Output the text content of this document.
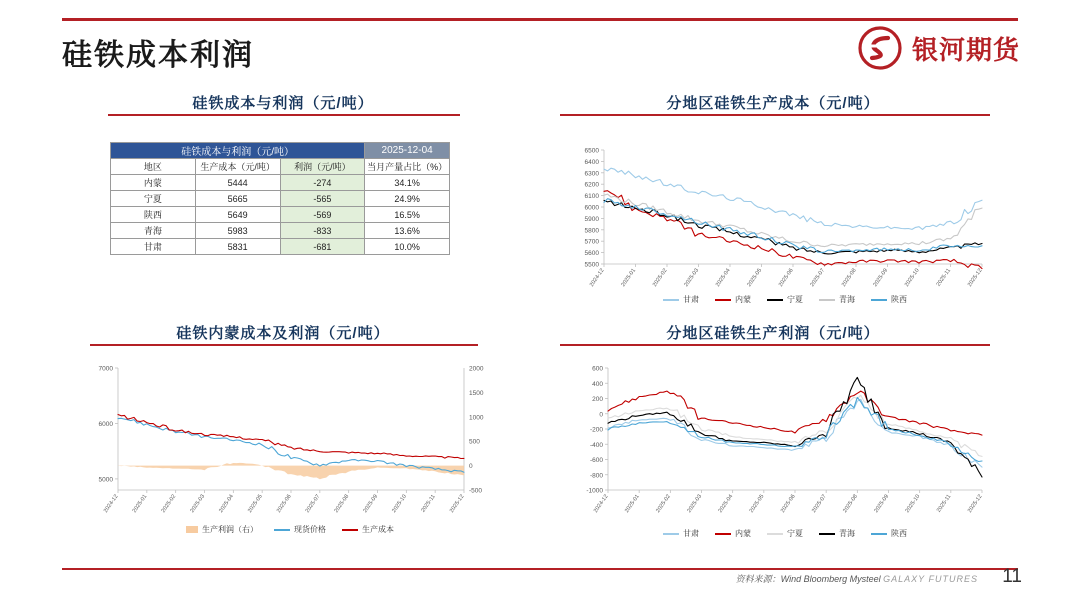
硅铁成本利润	银河期货
硅铁成本与利润（元/吨）	分地区硅铁生产成本（元/吨）
硅铁内蒙成本及利润（元/吨）	分地区硅铁生产利润（元/吨）
硅铁成本与利润（元/吨）			2025-12-04
地区	生产成本（元/吨）	利润（元/吨）	当月产量占比（%）
内蒙	5444	-274	34.1%
宁夏	5665	-565	24.9%
陕西	5649	-569	16.5%
青海	5983	-833	13.6%
甘肃	5831	-681	10.0%
5500
5600
5700
5800
5900
6000
6100
6200
6300
6400
6500
2024-12	2025-01	2025-02	2025-03	2025-04	2025-05	2025-06	2025-07	2025-08	2025-09	2025-10	2025-11	2025-12
甘肃	内蒙	宁夏	青海	陕西
5000
6000
7000
-500
0
500
1000
1500
2000
2024-12 2025-01 2025-02 2025-03 2025-04 2025-05 2025-06 2025-07 2025-08 2025-09 2025-10 2025-11 2025-12
生产利润（右）	现货价格	生产成本
-1000
-800
-600
-400
-200
0
200
400
600
2024-12	2025-01	2025-02	2025-03	2025-04	2025-05	2025-06	2025-07	2025-08	2025-09	2025-10	2025-11	2025-12
甘肃	内蒙	宁夏	青海	陕西
资料来源：Wind Bloomberg Mysteel GALAXY FUTURES 11
